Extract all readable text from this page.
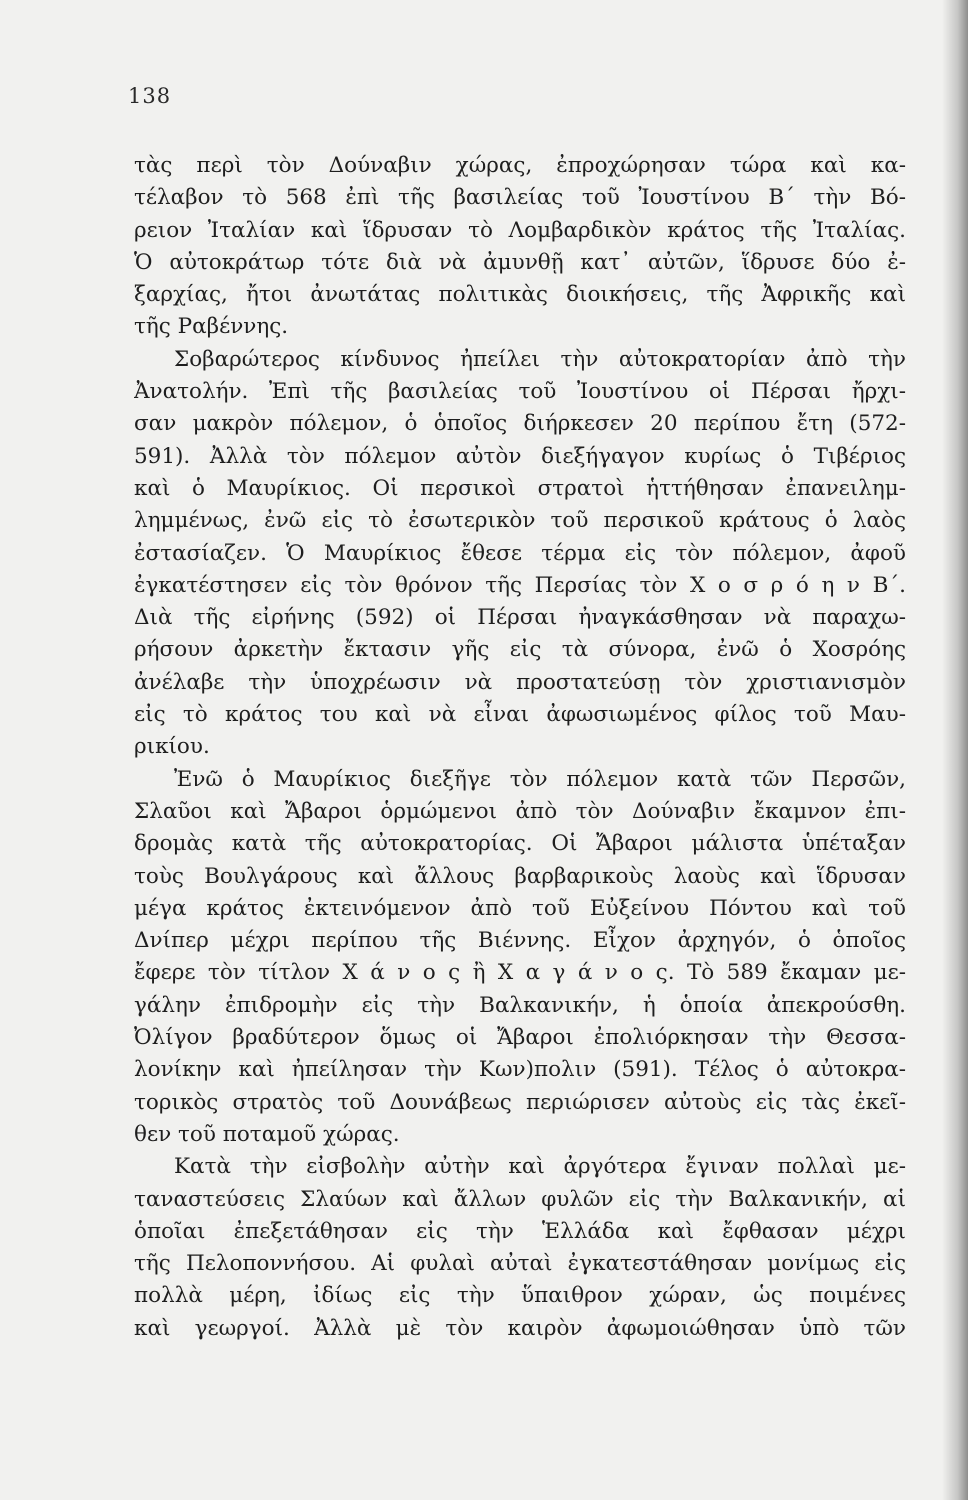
138
τὰς περὶ τὸν Δούναβιν χώρας, ἐπροχώρησαν τώρα καὶ κα-
τέλαβον τὸ 568 ἐπὶ τῆς βασιλείας τοῦ Ἰουστίνου Β΄ τὴν Βό-
ρειον Ἰταλίαν καὶ ἵδρυσαν τὸ Λομβαρδικὸν κράτος τῆς Ἰταλίας.
Ὁ αὐτοκράτωρ τότε διὰ νὰ ἀμυνθῇ κατ᾽ αὐτῶν, ἵδρυσε δύο ἐ-
ξαρχίας, ἤτοι ἀνωτάτας πολιτικὰς διοικήσεις, τῆς Ἀφρικῆς καὶ
τῆς Ραβέννης.
Σοβαρώτερος κίνδυνος ἠπείλει τὴν αὐτοκρατορίαν ἀπὸ τὴν
Ἀνατολήν. Ἐπὶ τῆς βασιλείας τοῦ Ἰουστίνου οἱ Πέρσαι ἤρχι-
σαν μακρὸν πόλεμον, ὁ ὁποῖος διήρκεσεν 20 περίπου ἔτη (572-
591). Ἀλλὰ τὸν πόλεμον αὐτὸν διεξήγαγον κυρίως ὁ Τιβέριος
καὶ ὁ Μαυρίκιος. Οἱ περσικοὶ στρατοὶ ἡττήθησαν ἐπανειλημ-
λημμένως, ἐνῶ εἰς τὸ ἐσωτερικὸν τοῦ περσικοῦ κράτους ὁ λαὸς
ἐστασίαζεν. Ὁ Μαυρίκιος ἔθεσε τέρμα εἰς τὸν πόλεμον, ἀφοῦ
ἐγκατέστησεν εἰς τὸν θρόνον τῆς Περσίας τὸν Χ ο σ ρ ό η ν Β΄.
Διὰ τῆς εἰρήνης (592) οἱ Πέρσαι ἠναγκάσθησαν νὰ παραχω-
ρήσουν ἀρκετὴν ἔκτασιν γῆς εἰς τὰ σύνορα, ἐνῶ ὁ Χοσρόης
ἀνέλαβε τὴν ὑποχρέωσιν νὰ προστατεύσῃ τὸν χριστιανισμὸν
εἰς τὸ κράτος του καὶ νὰ εἶναι ἀφωσιωμένος φίλος τοῦ Μαυ-
ρικίου.
Ἐνῶ ὁ Μαυρίκιος διεξῆγε τὸν πόλεμον κατὰ τῶν Περσῶν,
Σλαῦοι καὶ Ἄβαροι ὁρμώμενοι ἀπὸ τὸν Δούναβιν ἔκαμνον ἐπι-
δρομὰς κατὰ τῆς αὐτοκρατορίας. Οἱ Ἄβαροι μάλιστα ὑπέταξαν
τοὺς Βουλγάρους καὶ ἄλλους βαρβαρικοὺς λαοὺς καὶ ἵδρυσαν
μέγα κράτος ἐκτεινόμενον ἀπὸ τοῦ Εὐξείνου Πόντου καὶ τοῦ
Δνίπερ μέχρι περίπου τῆς Βιέννης. Εἶχον ἀρχηγόν, ὁ ὁποῖος
ἔφερε τὸν τίτλον Χ ά ν ο ς ἢ Χ α γ ά ν ο ς. Τὸ 589 ἔκαμαν με-
γάλην ἐπιδρομὴν εἰς τὴν Βαλκανικήν, ἡ ὁποία ἀπεκρούσθη.
Ὀλίγον βραδύτερον ὅμως οἱ Ἄβαροι ἐπολιόρκησαν τὴν Θεσσα-
λονίκην καὶ ἠπείλησαν τὴν Κων)πολιν (591). Τέλος ὁ αὐτοκρα-
τορικὸς στρατὸς τοῦ Δουνάβεως περιώρισεν αὐτοὺς εἰς τὰς ἐκεῖ-
θεν τοῦ ποταμοῦ χώρας.
Κατὰ τὴν εἰσβολὴν αὐτὴν καὶ ἀργότερα ἔγιναν πολλαὶ με-
ταναστεύσεις Σλαύων καὶ ἄλλων φυλῶν εἰς τὴν Βαλκανικήν, αἱ
ὁποῖαι ἐπεξετάθησαν εἰς τὴν Ἑλλάδα καὶ ἔφθασαν μέχρι
τῆς Πελοποννήσου. Αἱ φυλαὶ αὐταὶ ἐγκατεστάθησαν μονίμως εἰς
πολλὰ μέρη, ἰδίως εἰς τὴν ὕπαιθρον χώραν, ὡς ποιμένες
καὶ γεωργοί. Ἀλλὰ μὲ τὸν καιρὸν ἀφωμοιώθησαν ὑπὸ τῶν
